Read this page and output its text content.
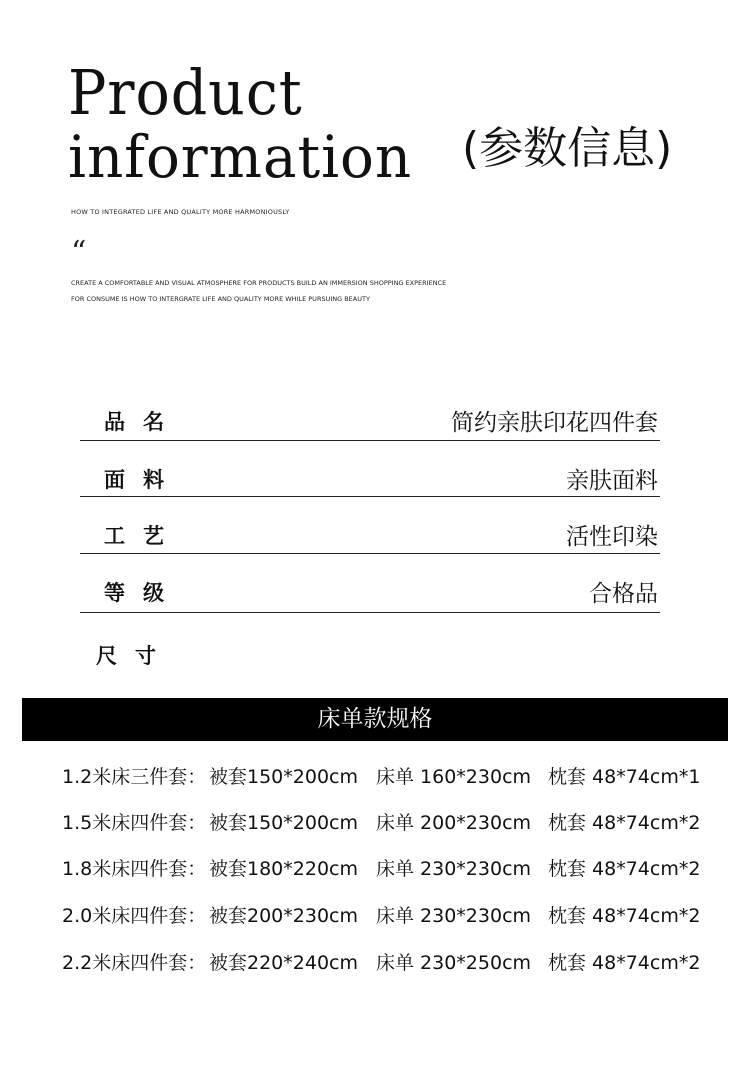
Product
information (参数信息)
HOW TO INTEGRATED LIFE AND QUALITY MORE HARMONIOUSLY
“
CREATE A COMFORTABLE AND VISUAL ATMOSPHERE FOR PRODUCTS BUILD AN IMMERSION SHOPPING EXPERIENCE FOR CONSUME IS HOW TO INTERGRATE LIFE AND QUALITY MORE WHILE PURSUING BEAUTY
品名	简约亲肤印花四件套
面料	亲肤面料
工艺	活性印染
等级	合格品
尺寸
床单款规格
1.2米床三件套： 被套150*200cm 床单 160*230cm 枕套 48*74cm*1
1.5米床四件套： 被套150*200cm 床单 200*230cm 枕套 48*74cm*2
1.8米床四件套： 被套180*220cm 床单 230*230cm 枕套 48*74cm*2
2.0米床四件套： 被套200*230cm 床单 230*230cm 枕套 48*74cm*2
2.2米床四件套： 被套220*240cm 床单 230*250cm 枕套 48*74cm*2
